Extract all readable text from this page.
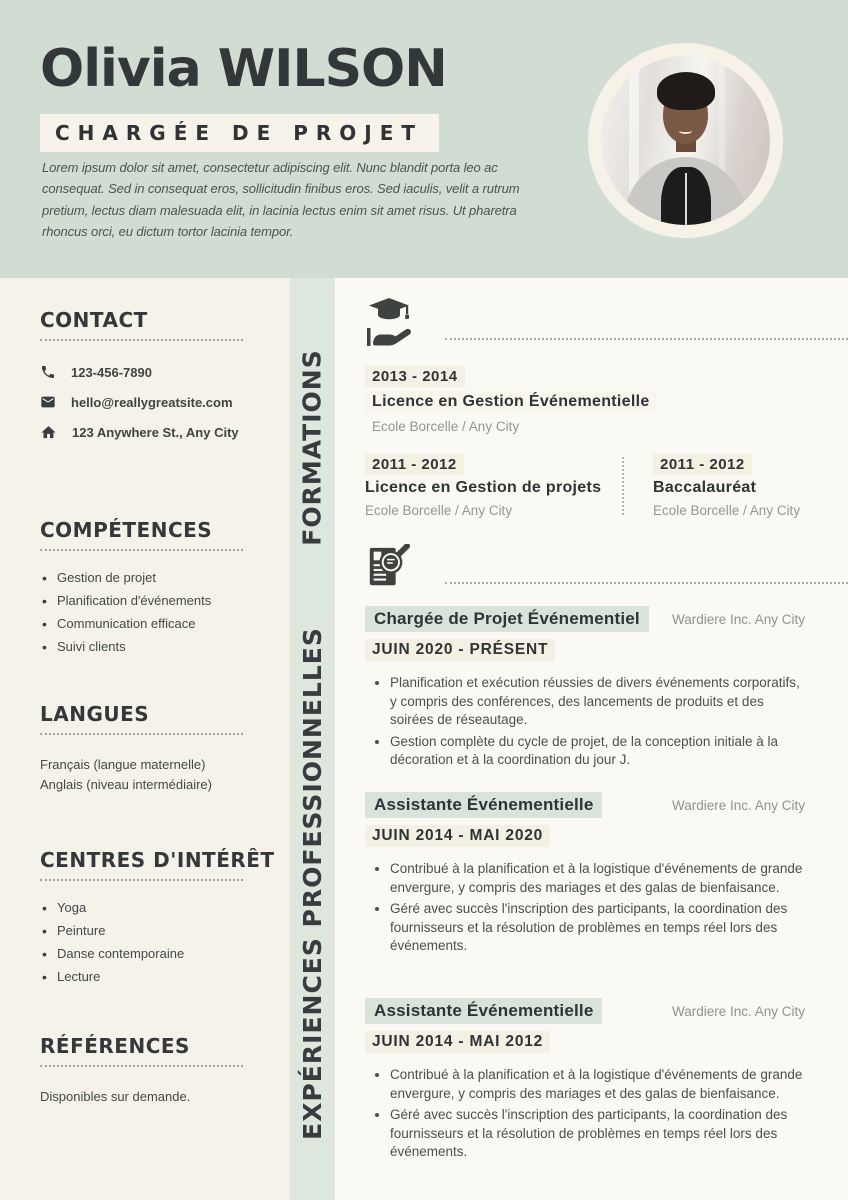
Olivia WILSON
CHARGÉE DE PROJET

Lorem ipsum dolor sit amet, consectetur adipiscing elit. Nunc blandit porta leo ac consequat. Sed in consequat eros, sollicitudin finibus eros. Sed iaculis, velit a rutrum pretium, lectus diam malesuada elit, in lacinia lectus enim sit amet risus. Ut pharetra rhoncus orci, eu dictum tortor lacinia tempor.

CONTACT
123-456-7890
hello@reallygreatsite.com
123 Anywhere St., Any City
COMPÉTENCES
• Gestion de projet
• Planification d'événements
• Communication efficace
• Suivi clients
LANGUES
Français (langue maternelle)
Anglais (niveau intermédiaire)
CENTRES D'INTÉRÊT
• Yoga
• Peinture
• Danse contemporaine
• Lecture
RÉFÉRENCES
Disponibles sur demande.
FORMATIONS
EXPÉRIENCES PROFESSIONNELLES
2013 - 2014
Licence en Gestion Événementielle
Ecole Borcelle / Any City
2011 - 2012
Licence en Gestion de projets
Ecole Borcelle / Any City
2011 - 2012
Baccalauréat
Ecole Borcelle / Any City
Chargée de Projet Événementiel	Wardiere Inc. Any City
JUIN 2020 - PRÉSENT
• Planification et exécution réussies de divers événements corporatifs, y compris des conférences, des lancements de produits et des soirées de réseautage.
• Gestion complète du cycle de projet, de la conception initiale à la décoration et à la coordination du jour J.
Assistante Événementielle	Wardiere Inc. Any City
JUIN 2014 - MAI 2020
• Contribué à la planification et à la logistique d'événements de grande envergure, y compris des mariages et des galas de bienfaisance.
• Géré avec succès l'inscription des participants, la coordination des fournisseurs et la résolution de problèmes en temps réel lors des événements.
Assistante Événementielle	Wardiere Inc. Any City
JUIN 2014 - MAI 2012
• Contribué à la planification et à la logistique d'événements de grande envergure, y compris des mariages et des galas de bienfaisance.
• Géré avec succès l'inscription des participants, la coordination des fournisseurs et la résolution de problèmes en temps réel lors des événements.
